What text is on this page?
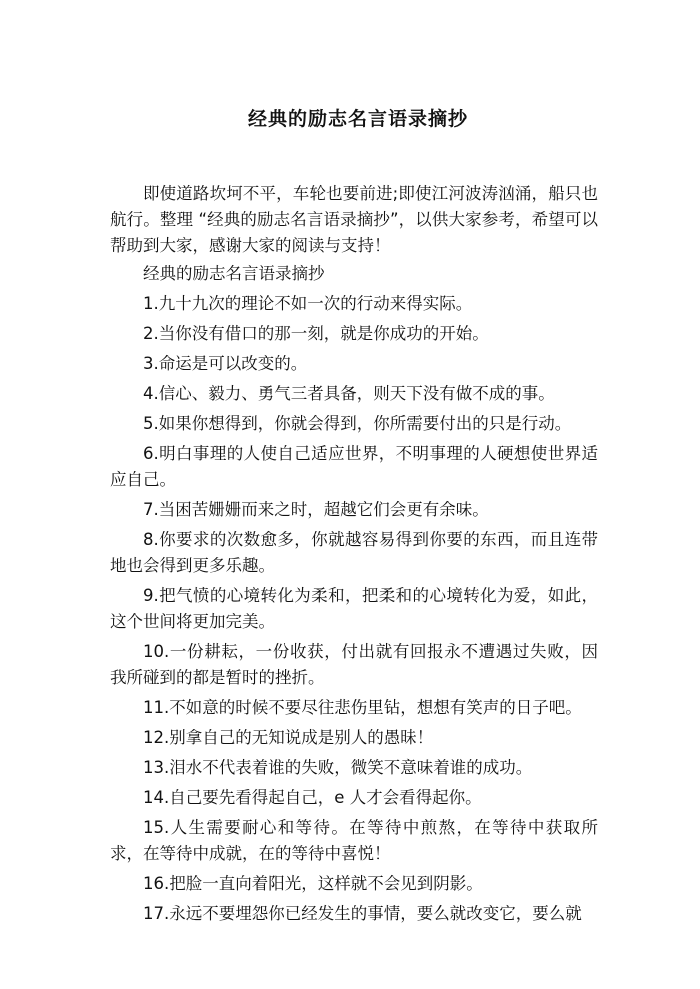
经典的励志名言语录摘抄

即使道路坎坷不平，车轮也要前进;即使江河波涛汹涌，船只也航行。整理 “经典的励志名言语录摘抄”，以供大家参考，希望可以帮助到大家，感谢大家的阅读与支持！

经典的励志名言语录摘抄

1.九十九次的理论不如一次的行动来得实际。
2.当你没有借口的那一刻，就是你成功的开始。
3.命运是可以改变的。
4.信心、毅力、勇气三者具备，则天下没有做不成的事。
5.如果你想得到，你就会得到，你所需要付出的只是行动。
6.明白事理的人使自己适应世界，不明事理的人硬想使世界适应自己。
7.当困苦姗姗而来之时，超越它们会更有余味。
8.你要求的次数愈多，你就越容易得到你要的东西，而且连带地也会得到更多乐趣。
9.把气愤的心境转化为柔和，把柔和的心境转化为爱，如此，这个世间将更加完美。
10.一份耕耘，一份收获，付出就有回报永不遭遇过失败，因我所碰到的都是暂时的挫折。
11.不如意的时候不要尽往悲伤里钻，想想有笑声的日子吧。
12.别拿自己的无知说成是别人的愚昧！
13.泪水不代表着谁的失败，微笑不意味着谁的成功。
14.自己要先看得起自己，e 人才会看得起你。
15.人生需要耐心和等待。在等待中煎熬，在等待中获取所求，在等待中成就，在的等待中喜悦！
16.把脸一直向着阳光，这样就不会见到阴影。
17.永远不要埋怨你已经发生的事情，要么就改变它，要么就
